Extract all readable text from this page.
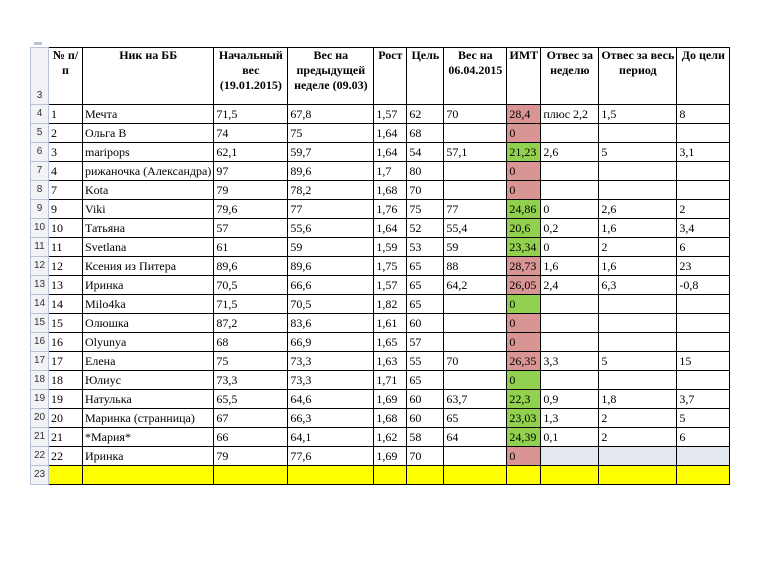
3	№ п/п	Ник на ББ	Начальный вес (19.01.2015)	Вес на предыдущей неделе (09.03)	Рост	Цель	Вес на 06.04.2015	ИМТ	Отвес за неделю	Отвес за весь период	До цели
4	1	Мечта	71,5	67,8	1,57	62	70	28,4	плюс 2,2	1,5	8
5	2	Ольга В	74	75	1,64	68		0			
6	3	maripops	62,1	59,7	1,64	54	57,1	21,23	2,6	5	3,1
7	4	рижаночка (Александра)	97	89,6	1,7	80		0			
8	7	Kota	79	78,2	1,68	70		0			
9	9	Viki	79,6	77	1,76	75	77	24,86	0	2,6	2
10	10	Татьяна	57	55,6	1,64	52	55,4	20,6	0,2	1,6	3,4
11	11	Svetlana	61	59	1,59	53	59	23,34	0	2	6
12	12	Ксения из Питера	89,6	89,6	1,75	65	88	28,73	1,6	1,6	23
13	13	Иринка	70,5	66,6	1,57	65	64,2	26,05	2,4	6,3	-0,8
14	14	Milo4ka	71,5	70,5	1,82	65		0			
15	15	Олюшка	87,2	83,6	1,61	60		0			
16	16	Olyunya	68	66,9	1,65	57		0			
17	17	Елена	75	73,3	1,63	55	70	26,35	3,3	5	15
18	18	Юлиус	73,3	73,3	1,71	65		0			
19	19	Натулька	65,5	64,6	1,69	60	63,7	22,3	0,9	1,8	3,7
20	20	Маринка (странница)	67	66,3	1,68	60	65	23,03	1,3	2	5
21	21	*Мария*	66	64,1	1,62	58	64	24,39	0,1	2	6
22	22	Иринка	79	77,6	1,69	70		0			
23											
